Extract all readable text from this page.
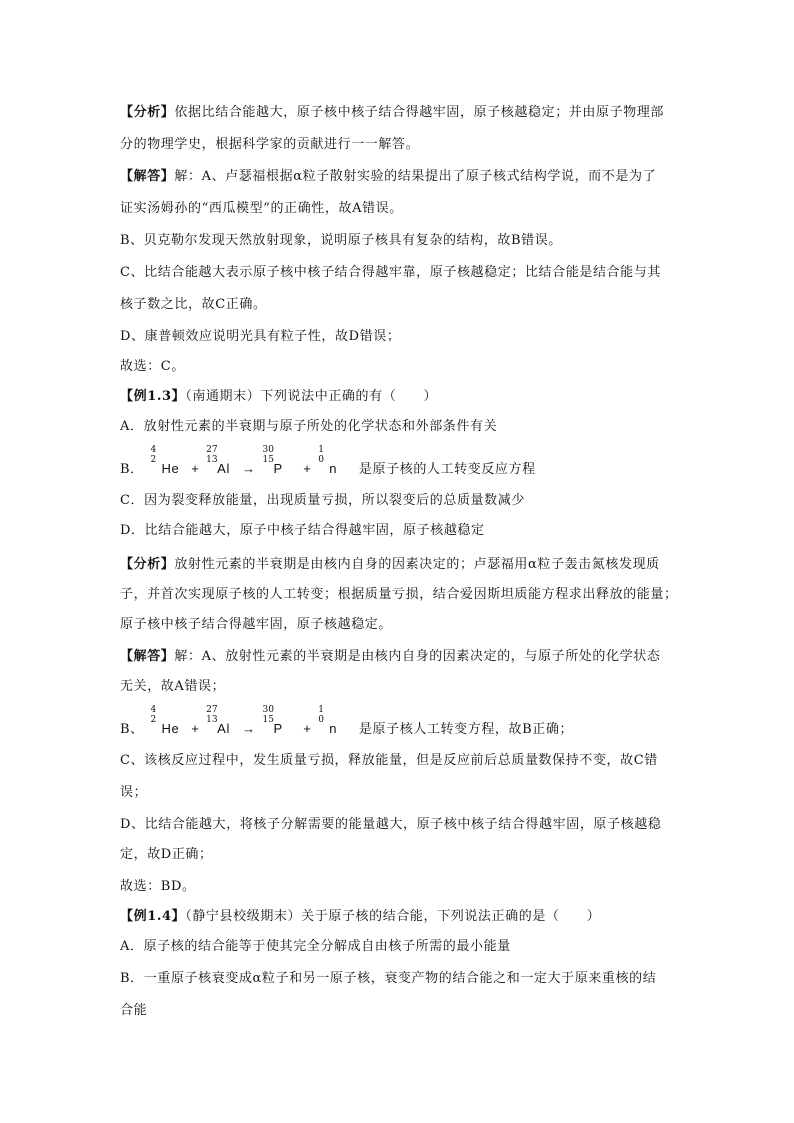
【分析】依据比结合能越大，原子核中核子结合得越牢固，原子核越稳定；并由原子物理部
分的物理学史，根据科学家的贡献进行一一解答。
【解答】解：A、卢瑟福根据α粒子散射实验的结果提出了原子核式结构学说，而不是为了
证实汤姆孙的“西瓜模型”的正确性，故A错误。
B、贝克勒尔发现天然放射现象，说明原子核具有复杂的结构，故B错误。
C、比结合能越大表示原子核中核子结合得越牢靠，原子核越稳定；比结合能是结合能与其
核子数之比，故C正确。
D、康普顿效应说明光具有粒子性，故D错误；
故选：C。
【例1.3】（南通期末）下列说法中正确的有（　　）
A．放射性元素的半衰期与原子所处的化学状态和外部条件有关
B．
4
2
He +
27
13
Al →
30
15
P +
1
0
n 是原子核的人工转变反应方程
C．因为裂变释放能量，出现质量亏损，所以裂变后的总质量数减少
D．比结合能越大，原子中核子结合得越牢固，原子核越稳定
【分析】放射性元素的半衰期是由核内自身的因素决定的；卢瑟福用α粒子轰击氮核发现质
子，并首次实现原子核的人工转变；根据质量亏损，结合爱因斯坦质能方程求出释放的能量；
原子核中核子结合得越牢固，原子核越稳定。
【解答】解：A、放射性元素的半衰期是由核内自身的因素决定的，与原子所处的化学状态
无关，故A错误；
B、
4
2
He +
27
13
Al →
30
15
P +
1
0
n 是原子核人工转变方程，故B正确；
C、该核反应过程中，发生质量亏损，释放能量，但是反应前后总质量数保持不变，故C错
误；
D、比结合能越大，将核子分解需要的能量越大，原子核中核子结合得越牢固，原子核越稳
定，故D正确；
故选：BD。
【例1.4】（静宁县校级期末）关于原子核的结合能，下列说法正确的是（　　）
A．原子核的结合能等于使其完全分解成自由核子所需的最小能量
B．一重原子核衰变成α粒子和另一原子核，衰变产物的结合能之和一定大于原来重核的结
合能
